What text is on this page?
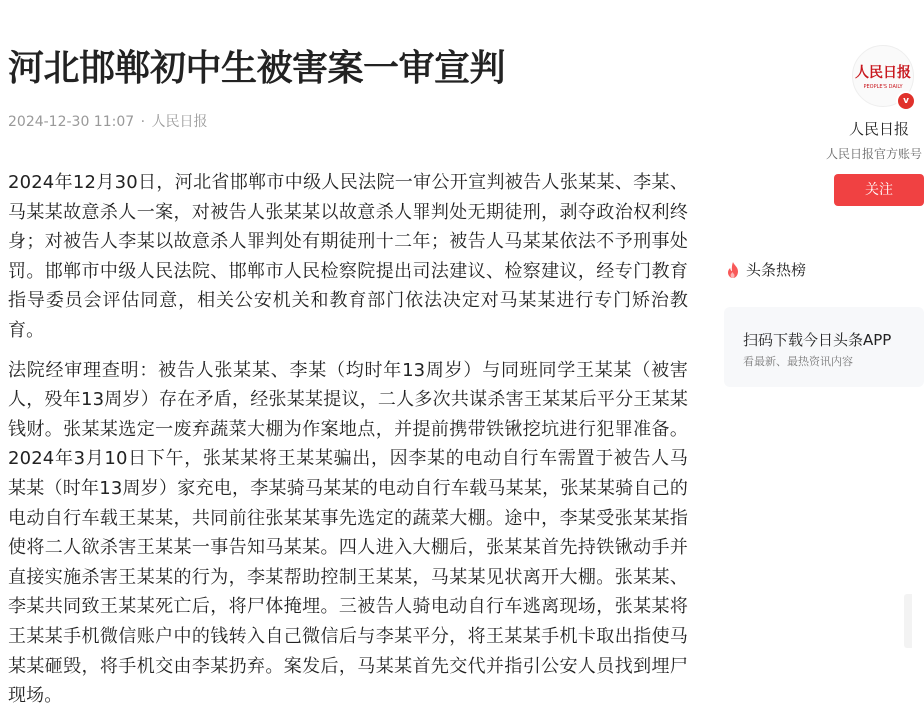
河北邯郸初中生被害案一审宣判
2024-12-30 11:07 · 人民日报

2024年12月30日，河北省邯郸市中级人民法院一审公开宣判被告人张某某、李某、马某某故意杀人一案，对被告人张某某以故意杀人罪判处无期徒刑，剥夺政治权利终身；对被告人李某以故意杀人罪判处有期徒刑十二年；被告人马某某依法不予刑事处罚。邯郸市中级人民法院、邯郸市人民检察院提出司法建议、检察建议，经专门教育指导委员会评估同意，相关公安机关和教育部门依法决定对马某某进行专门矫治教育。

法院经审理查明：被告人张某某、李某（均时年13周岁）与同班同学王某某（被害人，殁年13周岁）存在矛盾，经张某某提议，二人多次共谋杀害王某某后平分王某某钱财。张某某选定一废弃蔬菜大棚为作案地点，并提前携带铁锹挖坑进行犯罪准备。2024年3月10日下午，张某某将王某某骗出，因李某的电动自行车需置于被告人马某某（时年13周岁）家充电，李某骑马某某的电动自行车载马某某，张某某骑自己的电动自行车载王某某，共同前往张某某事先选定的蔬菜大棚。途中，李某受张某某指使将二人欲杀害王某某一事告知马某某。四人进入大棚后，张某某首先持铁锹动手并直接实施杀害王某某的行为，李某帮助控制王某某，马某某见状离开大棚。张某某、李某共同致王某某死亡后，将尸体掩埋。三被告人骑电动自行车逃离现场，张某某将王某某手机微信账户中的钱转入自己微信后与李某平分，将王某某手机卡取出指使马某某砸毁，将手机交由李某扔弃。案发后，马某某首先交代并指引公安人员找到埋尸现场。

人民日报
PEOPLE'S DAILY
v
人民日报
人民日报官方账号
关注
头条热榜
扫码下载今日头条APP
看最新、最热资讯内容
